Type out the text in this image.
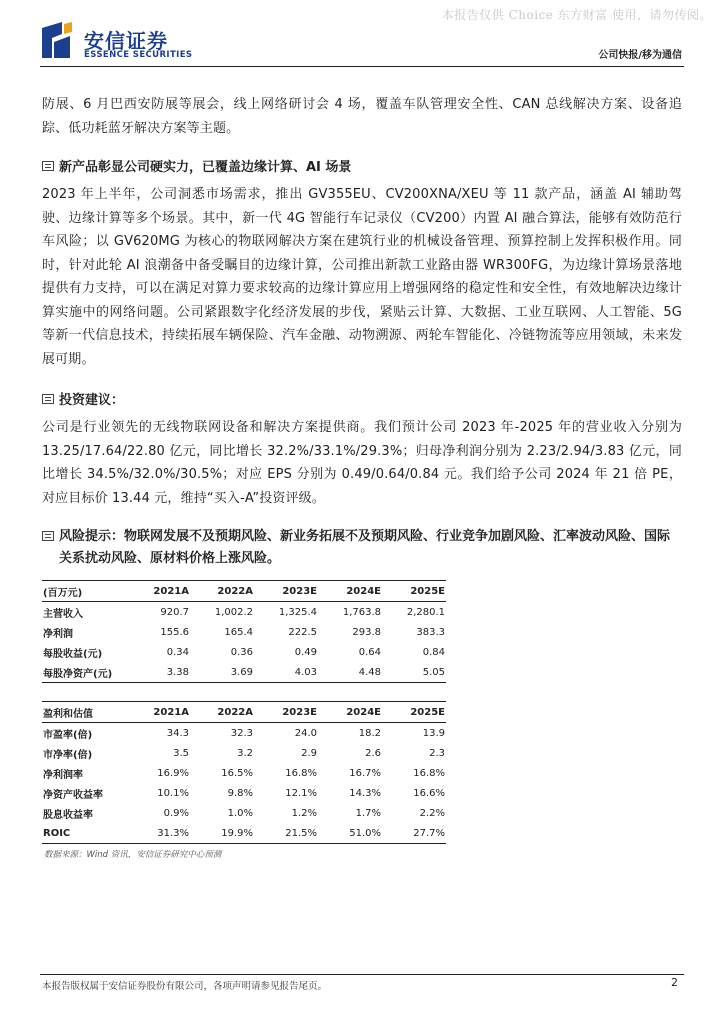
本报告仅供 Choice 东方财富 使用，请勿传阅。
安信证券
ESSENCE SECURITIES	公司快报/移为通信

防展、6 月巴西安防展等展会，线上网络研讨会 4 场，覆盖车队管理安全性、CAN 总线解决方案、设备追踪、低功耗蓝牙解决方案等主题。

新产品彰显公司硬实力，已覆盖边缘计算、AI 场景

2023 年上半年，公司洞悉市场需求，推出 GV355EU、CV200XNA/XEU 等 11 款产品，涵盖 AI 辅助驾驶、边缘计算等多个场景。其中，新一代 4G 智能行车记录仪（CV200）内置 AI 融合算法，能够有效防范行车风险；以 GV620MG 为核心的物联网解决方案在建筑行业的机械设备管理、预算控制上发挥积极作用。同时，针对此轮 AI 浪潮备中备受瞩目的边缘计算，公司推出新款工业路由器 WR300FG，为边缘计算场景落地提供有力支持，可以在满足对算力要求较高的边缘计算应用上增强网络的稳定性和安全性，有效地解决边缘计算实施中的网络问题。公司紧跟数字化经济发展的步伐，紧贴云计算、大数据、工业互联网、人工智能、5G 等新一代信息技术，持续拓展车辆保险、汽车金融、动物溯源、两轮车智能化、冷链物流等应用领域，未来发展可期。

投资建议：

公司是行业领先的无线物联网设备和解决方案提供商。我们预计公司 2023 年-2025 年的营业收入分别为 13.25/17.64/22.80 亿元，同比增长 32.2%/33.1%/29.3%；归母净利润分别为 2.23/2.94/3.83 亿元，同比增长 34.5%/32.0%/30.5%；对应 EPS 分别为 0.49/0.64/0.84 元。我们给予公司 2024 年 21 倍 PE，对应目标价 13.44 元，维持“买入-A”投资评级。

风险提示：物联网发展不及预期风险、新业务拓展不及预期风险、行业竞争加剧风险、汇率波动风险、国际关系扰动风险、原材料价格上涨风险。
(百万元)	2021A	2022A	2023E	2024E	2025E
主营收入	920.7	1,002.2	1,325.4	1,763.8	2,280.1
净利润	155.6	165.4	222.5	293.8	383.3
每股收益(元)	0.34	0.36	0.49	0.64	0.84
每股净资产(元)	3.38	3.69	4.03	4.48	5.05
盈利和估值	2021A	2022A	2023E	2024E	2025E
市盈率(倍)	34.3	32.3	24.0	18.2	13.9
市净率(倍)	3.5	3.2	2.9	2.6	2.3
净利润率	16.9%	16.5%	16.8%	16.7%	16.8%
净资产收益率	10.1%	9.8%	12.1%	14.3%	16.6%
股息收益率	0.9%	1.0%	1.2%	1.7%	2.2%
ROIC	31.3%	19.9%	21.5%	51.0%	27.7%
数据来源：Wind 资讯，安信证券研究中心预测
本报告版权属于安信证券股份有限公司，各项声明请参见报告尾页。	2
